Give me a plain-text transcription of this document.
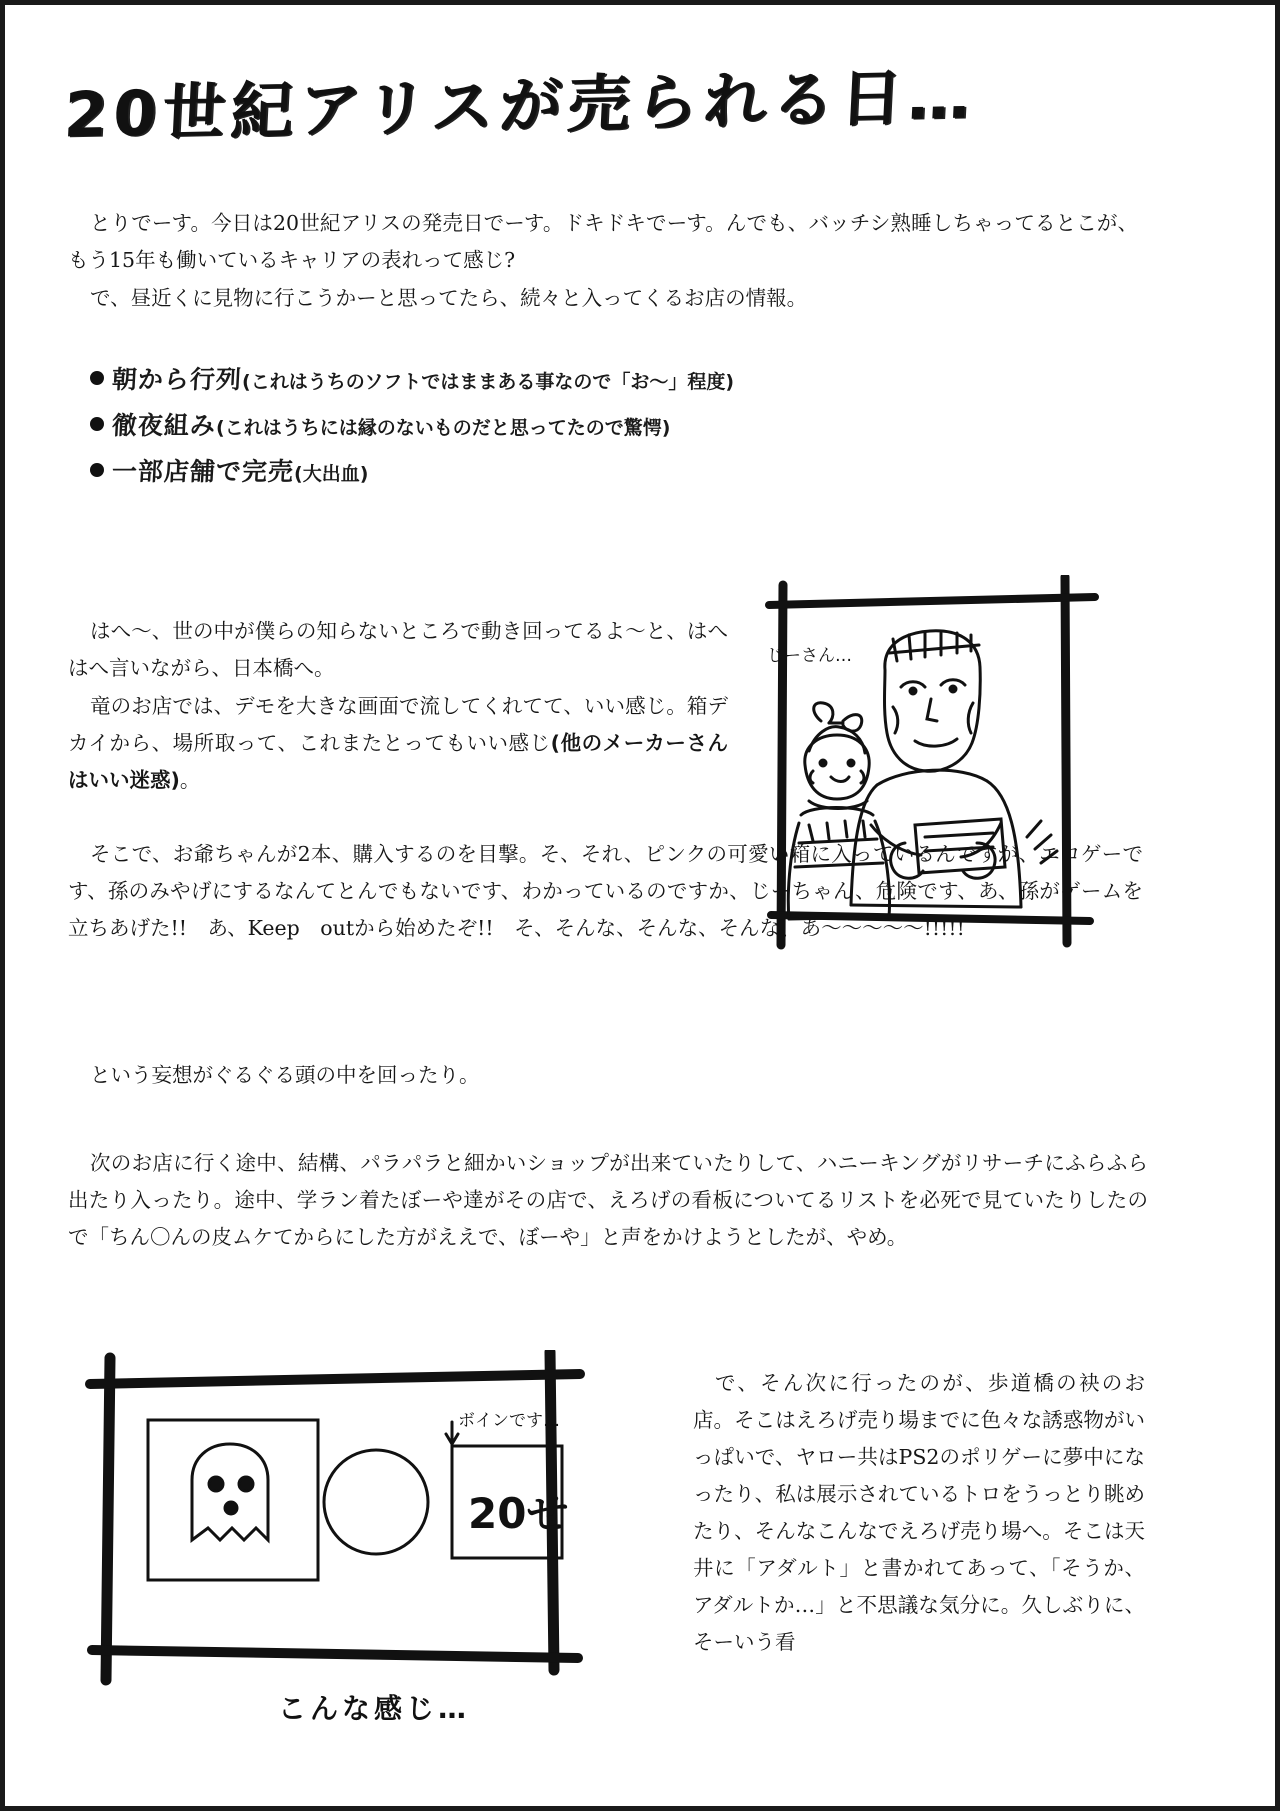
20世紀アリスが売られる日…
とりでーす。今日は20世紀アリスの発売日でーす。ドキドキでーす。んでも、バッチシ熟睡しちゃってるとこが、もう15年も働いているキャリアの表れって感じ?
で、昼近くに見物に行こうかーと思ってたら、続々と入ってくるお店の情報。
朝から行列 (これはうちのソフトではままある事なので「お〜」程度)
徹夜組み (これはうちには縁のないものだと思ってたので驚愕)
一部店舗で完売 (大出血)
はへ〜、世の中が僕らの知らないところで動き回ってるよ〜と、はへはへ言いながら、日本橋へ。
竜のお店では、デモを大きな画面で流してくれてて、いい感じ。箱デカイから、場所取って、これまたとってもいい感じ(他のメーカーさんはいい迷惑)。
そこで、お爺ちゃんが2本、購入するのを目撃。そ、それ、ピンクの可愛い箱に入っているんですが、エロゲーです、孫のみやげにするなんてとんでもないです、わかっているのですか、じーちゃん、危険です、あ、孫がゲームを立ちあげた!!　あ、Keep　outから始めたぞ!!　そ、そんな、そんな、そんな、あ〜〜〜〜〜!!!!!
という妄想がぐるぐる頭の中を回ったり。
次のお店に行く途中、結構、パラパラと細かいショップが出来ていたりして、ハニーキングがリサーチにふらふら出たり入ったり。途中、学ラン着たぼーや達がその店で、えろげの看板についてるリストを必死で見ていたりしたので「ちん〇んの皮ムケてからにした方がええで、ぼーや」と声をかけようとしたが、やめ。
で、そん次に行ったのが、歩道橋の袂のお店。そこはえろげ売り場までに色々な誘惑物がいっぱいで、ヤロー共はPS2のポリゲーに夢中になったり、私は展示されているトロをうっとり眺めたり、そんなこんなでえろげ売り場へ。そこは天井に「アダルト」と書かれてあって、「そうか、アダルトか…」と不思議な気分に。久しぶりに、そーいう看
じーさん…
20せ
ボインです…
こんな感じ…
